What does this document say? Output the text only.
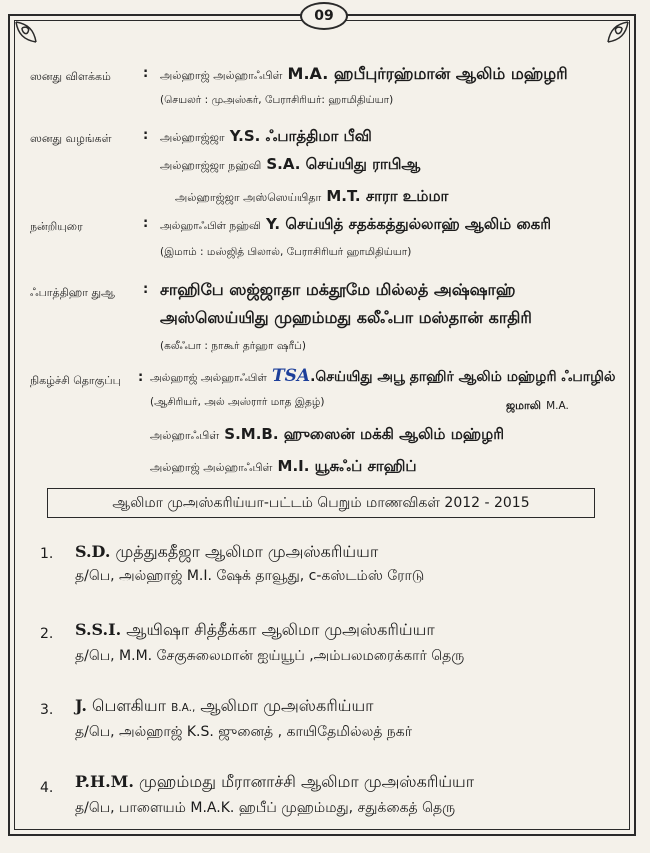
09
ஸனது விளக்கம் : அல்ஹாஜ் அல்ஹாஃபிள் M.A. ஹபீபுர்ரஹ்மான் ஆலிம் மஹ்ழரி
(செயலர் : முஅஸ்கர், பேராசிரியர்: ஹாமிதிய்யா)
ஸனது வழங்கள் : அல்ஹாஜ்ஜா Y.S. ஃபாத்திமா பீவி
அல்ஹாஜ்ஜா நஹ்வி S.A. செய்யிது ராபிஆ
அல்ஹாஜ்ஜா அஸ்ஸெய்யிதா M.T. சாரா உம்மா
நன்றியுரை	: அல்ஹாஃபிள் நஹ்வி Y. செய்யித் சதக்கத்துல்லாஹ் ஆலிம் கைரி
(இமாம் : மஸ்ஜித் பிலால், பேராசிரியர் ஹாமிதிய்யா)
ஃபாத்திஹா துஆ : சாஹிபே ஸஜ்ஜாதா மக்தூமே மில்லத் அஷ்ஷாஹ்
அஸ்ஸெய்யிது முஹம்மது கலீஃபா மஸ்தான் காதிரி
(கலீஃபா : நாகூர் தர்ஹா ஷரீப்)
நிகழ்ச்சி தொகுப்பு : அல்ஹாஜ் அல்ஹாஃபிள் TSA.செய்யிது அபூ தாஹிர் ஆலிம் மஹ்ழரி ஃபாழில்
(ஆசிரியர், அல் அஸ்ரார் மாத இதழ்)	ஜமாலி M.A.
அல்ஹாஃபிள் S.M.B. ஹுஸைன் மக்கி ஆலிம் மஹ்ழரி
அல்ஹாஜ் அல்ஹாஃபிள் M.I. யூசுஃப் சாஹிப்
ஆலிமா முஅஸ்கரிய்யா-பட்டம் பெறும் மாணவிகள் 2012 - 2015
1. S.D. முத்துகதீஜா ஆலிமா முஅஸ்கரிய்யா
த/பெ, அல்ஹாஜ் M.I. ஷேக் தாவூது, c-கஸ்டம்ஸ் ரோடு
2. S.S.I. ஆயிஷா சித்தீக்கா ஆலிமா முஅஸ்கரிய்யா
த/பெ, M.M. சேகுசுலைமான் ஐய்யூப் ,அம்பலமரைக்கார் தெரு
3. J. பௌகியா B.A., ஆலிமா முஅஸ்கரிய்யா
த/பெ, அல்ஹாஜ் K.S. ஜுனைத் , காயிதேமில்லத் நகர்
4. P.H.M. முஹம்மது மீரானாச்சி ஆலிமா முஅஸ்கரிய்யா
த/பெ, பாளையம் M.A.K. ஹபீப் முஹம்மது, சதுக்கைத் தெரு
